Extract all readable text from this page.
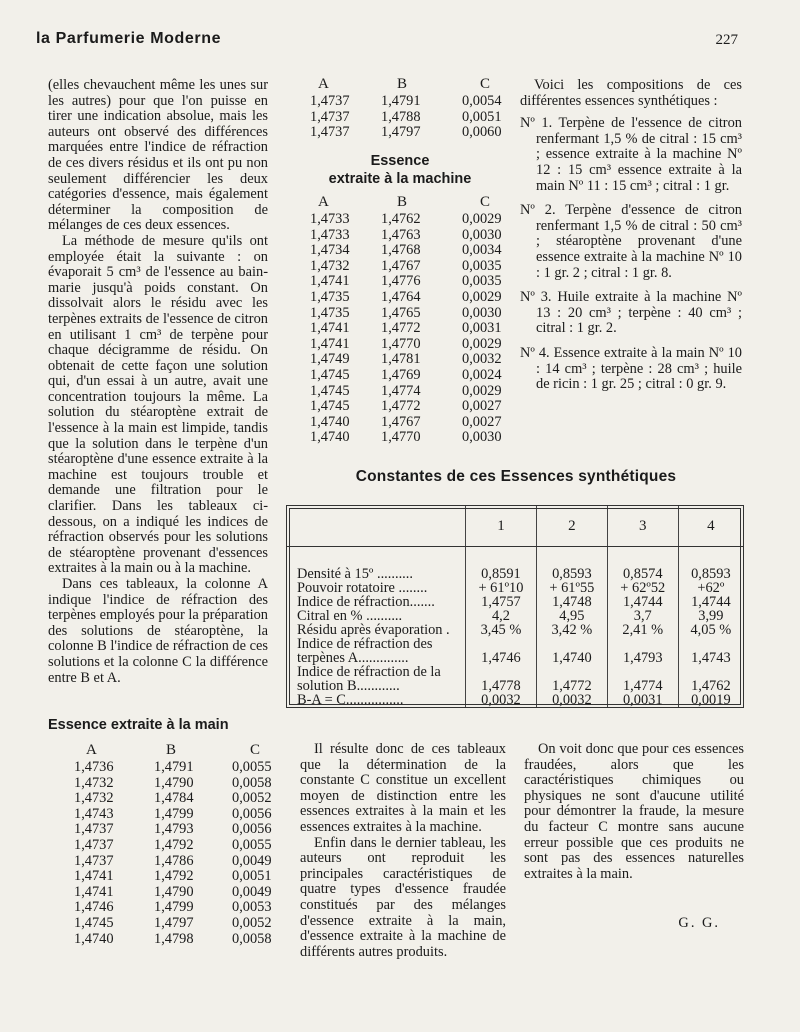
la Parfumerie Moderne	227

(elles chevauchent même les unes sur les autres) pour que l'on puisse en tirer une indication absolue, mais les auteurs ont observé des différences marquées entre l'indice de réfraction de ces divers résidus et ils ont pu non seulement différencier les deux catégories d'essence, mais également déterminer la composition de mélanges de ces deux essences.

La méthode de mesure qu'ils ont employée était la suivante : on évaporait 5 cm³ de l'essence au bain-marie jusqu'à poids constant. On dissolvait alors le résidu avec les terpènes extraits de l'essence de citron en utilisant 1 cm³ de terpène pour chaque décigramme de résidu. On obtenait de cette façon une solution qui, d'un essai à un autre, avait une concentration toujours la même. La solution du stéaroptène extrait de l'essence à la main est limpide, tandis que la solution dans le terpène d'un stéaroptène d'une essence extraite à la machine est toujours trouble et demande une filtration pour le clarifier. Dans les tableaux ci-dessous, on a indiqué les indices de réfraction observés pour les solutions de stéaroptène provenant d'essences extraites à la main ou à la machine.

Dans ces tableaux, la colonne A indique l'indice de réfraction des terpènes employés pour la préparation des solutions de stéaroptène, la colonne B l'indice de réfraction de ces solutions et la colonne C la différence entre B et A.

Essence extraite à la main
A	B	C
1,4736	1,4791	0,0055
1,4732	1,4790	0,0058
1,4732	1,4784	0,0052
1,4743	1,4799	0,0056
1,4737	1,4793	0,0056
1,4737	1,4792	0,0055
1,4737	1,4786	0,0049
1,4741	1,4792	0,0051
1,4741	1,4790	0,0049
1,4746	1,4799	0,0053
1,4745	1,4797	0,0052
1,4740	1,4798	0,0058
A	B	C
1,4737	1,4791	0,0054
1,4737	1,4788	0,0051
1,4737	1,4797	0,0060
Essence
extraite à la machine
A	B	C
1,4733	1,4762	0,0029
1,4733	1,4763	0,0030
1,4734	1,4768	0,0034
1,4732	1,4767	0,0035
1,4741	1,4776	0,0035
1,4735	1,4764	0,0029
1,4735	1,4765	0,0030
1,4741	1,4772	0,0031
1,4741	1,4770	0,0029
1,4749	1,4781	0,0032
1,4745	1,4769	0,0024
1,4745	1,4774	0,0029
1,4745	1,4772	0,0027
1,4740	1,4767	0,0027
1,4740	1,4770	0,0030

Voici les compositions de ces différentes essences synthétiques :

Nº 1. Terpène de l'essence de citron renfermant 1,5 % de citral : 15 cm³ ; essence extraite à la machine Nº 12 : 15 cm³ essence extraite à la main Nº 11 : 15 cm³ ; citral : 1 gr.

Nº 2. Terpène d'essence de citron renfermant 1,5 % de citral : 50 cm³ ; stéaroptène provenant d'une essence extraite à la machine Nº 10 : 1 gr. 2 ; citral : 1 gr. 8.

Nº 3. Huile extraite à la machine Nº 13 : 20 cm³ ; terpène : 40 cm³ ; citral : 1 gr. 2.

Nº 4. Essence extraite à la main Nº 10 : 14 cm³ ; terpène : 28 cm³ ; huile de ricin : 1 gr. 25 ; citral : 0 gr. 9.

Constantes de ces Essences synthétiques
	1	2	3	4

Densité à 15º ..........	0,8591	0,8593	0,8574	0,8593
Pouvoir rotatoire ........	+ 61º10	+ 61º55	+ 62º52	+62º
Indice de réfraction.......	1,4757	1,4748	1,4744	1,4744
Citral en % ..........	4,2	4,95	3,7	3,99
Résidu après évaporation .	3,45 %	3,42 %	2,41 %	4,05 %
Indice de réfraction des terpènes A..............	1,4746	1,4740	1,4793	1,4743
Indice de réfraction de la solution B............	1,4778	1,4772	1,4774	1,4762
B-A = C................	0,0032	0,0032	0,0031	0,0019

Il résulte donc de ces tableaux que la détermination de la constante C constitue un excellent moyen de distinction entre les essences extraites à la main et les essences extraites à la machine.

Enfin dans le dernier tableau, les auteurs ont reproduit les principales caractéristiques de quatre types d'essence fraudée constitués par des mélanges d'essence extraite à la main, d'essence extraite à la machine de différents autres produits.

On voit donc que pour ces essences fraudées, alors que les caractéristiques chimiques ou physiques ne sont d'aucune utilité pour démontrer la fraude, la mesure du facteur C montre sans aucune erreur possible que ces produits ne sont pas des essences naturelles extraites à la main.

G. G.
